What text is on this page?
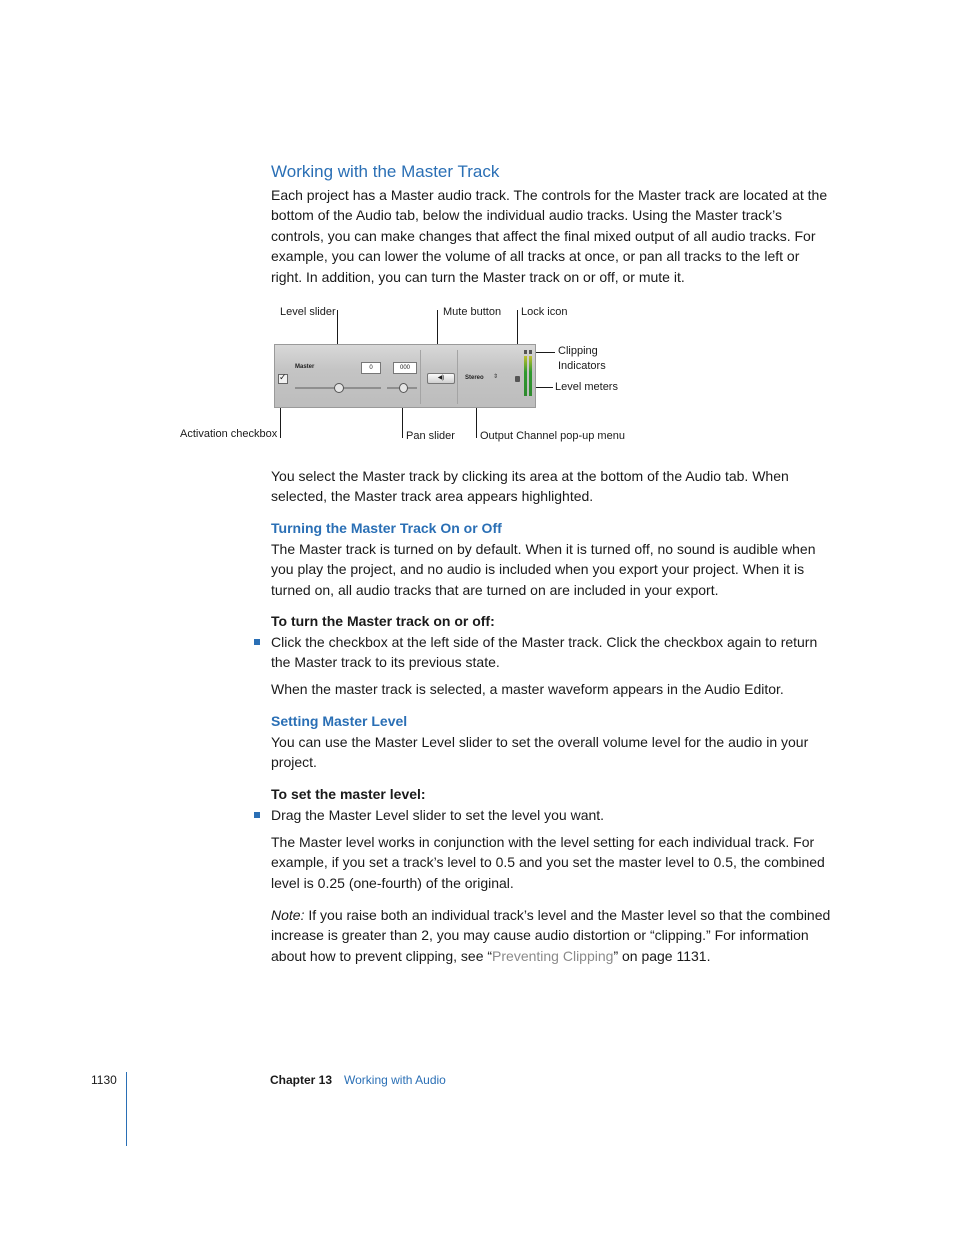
Working with the Master Track
Each project has a Master audio track. The controls for the Master track are located at the bottom of the Audio tab, below the individual audio tracks. Using the Master track’s controls, you can make changes that affect the final mixed output of all audio tracks. For example, you can lower the volume of all tracks at once, or pan all tracks to the left or right. In addition, you can turn the Master track on or off, or mute it.
Level slider	Mute button Lock icon
Clipping
Indicators
Level meters
Activation checkbox	Pan slider Output Channel pop-up menu
✓
Master	0	000
◀)	Stereo ⇕
You select the Master track by clicking its area at the bottom of the Audio tab. When selected, the Master track area appears highlighted.
Turning the Master Track On or Off
The Master track is turned on by default. When it is turned off, no sound is audible when you play the project, and no audio is included when you export your project. When it is turned on, all audio tracks that are turned on are included in your export.
To turn the Master track on or off:
Click the checkbox at the left side of the Master track. Click the checkbox again to return the Master track to its previous state.
When the master track is selected, a master waveform appears in the Audio Editor.
Setting Master Level
You can use the Master Level slider to set the overall volume level for the audio in your project.
To set the master level:
Drag the Master Level slider to set the level you want.
The Master level works in conjunction with the level setting for each individual track. For example, if you set a track’s level to 0.5 and you set the master level to 0.5, the combined level is 0.25 (one-fourth) of the original.
Note: If you raise both an individual track’s level and the Master level so that the combined increase is greater than 2, you may cause audio distortion or “clipping.” For information about how to prevent clipping, see “Preventing Clipping” on page 1131.
1130	Chapter 13 Working with Audio
